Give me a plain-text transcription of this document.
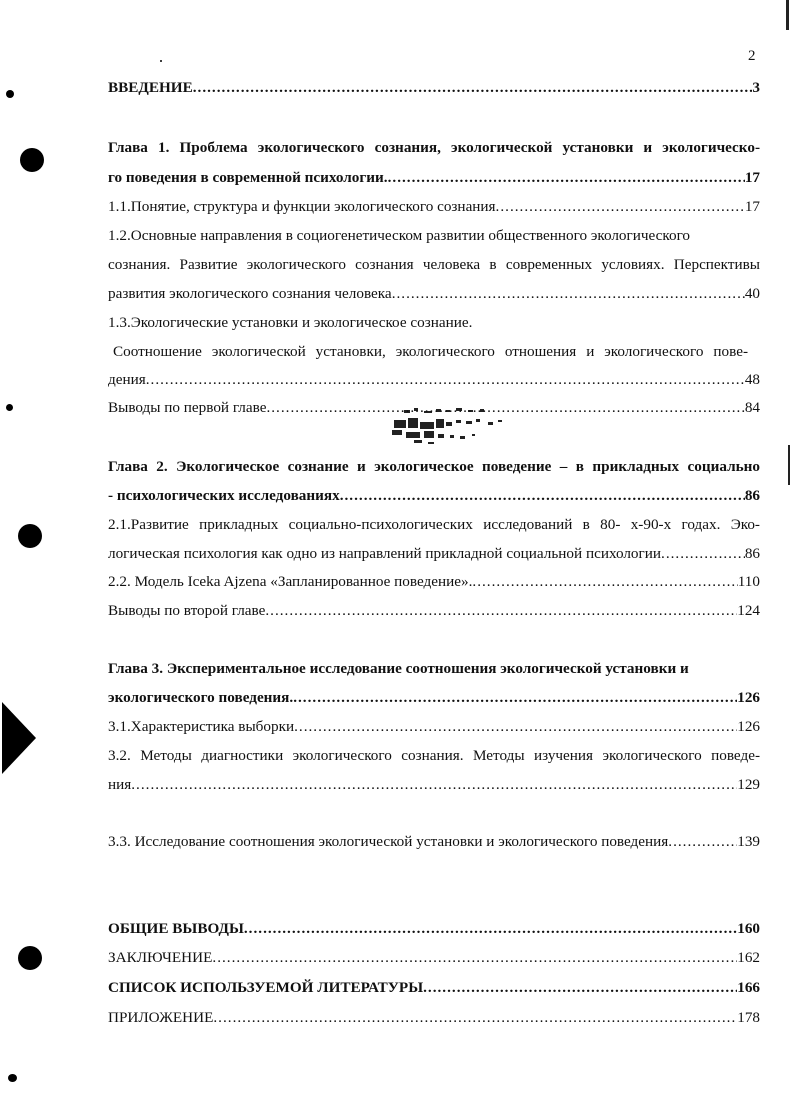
2
ВВЕДЕНИЕ .....	3
Глава 1. Проблема экологического сознания, экологической установки и экологическо-
го поведения в современной психологии. .....	17
1.1.Понятие, структура и функции экологического сознания .....	17
1.2.Основные направления в социогенетическом развитии общественного экологического
сознания. Развитие экологического сознания человека в современных условиях. Перспективы
развития экологического сознания человека .....	40
1.3.Экологические установки и экологическое сознание.
Соотношение экологической установки, экологического отношения и экологического пове-
дения .....	48
Выводы по первой главе .....	84
Глава 2. Экологическое сознание и экологическое поведение – в прикладных социально
- психологических исследованиях .....	86
2.1.Развитие прикладных социально-психологических исследований в 80- х-90-х годах. Эко-
логическая психология как одно из направлений прикладной социальной психологии .....	86
2.2. Модель Iceka Ajzena «Запланированное поведение». .....	110
Выводы по второй главе .....	124
Глава 3. Экспериментальное исследование соотношения экологической установки и
экологического поведения. .....	126
3.1.Характеристика выборки .....	126
3.2. Методы диагностики экологического сознания. Методы изучения экологического поведе-
ния .....	129
3.3. Исследование соотношения экологической установки и экологического поведения .....	139
ОБЩИЕ ВЫВОДЫ .....	160
ЗАКЛЮЧЕНИЕ .....	162
СПИСОК ИСПОЛЬЗУЕМОЙ ЛИТЕРАТУРЫ .....	166
ПРИЛОЖЕНИЕ .....	178
